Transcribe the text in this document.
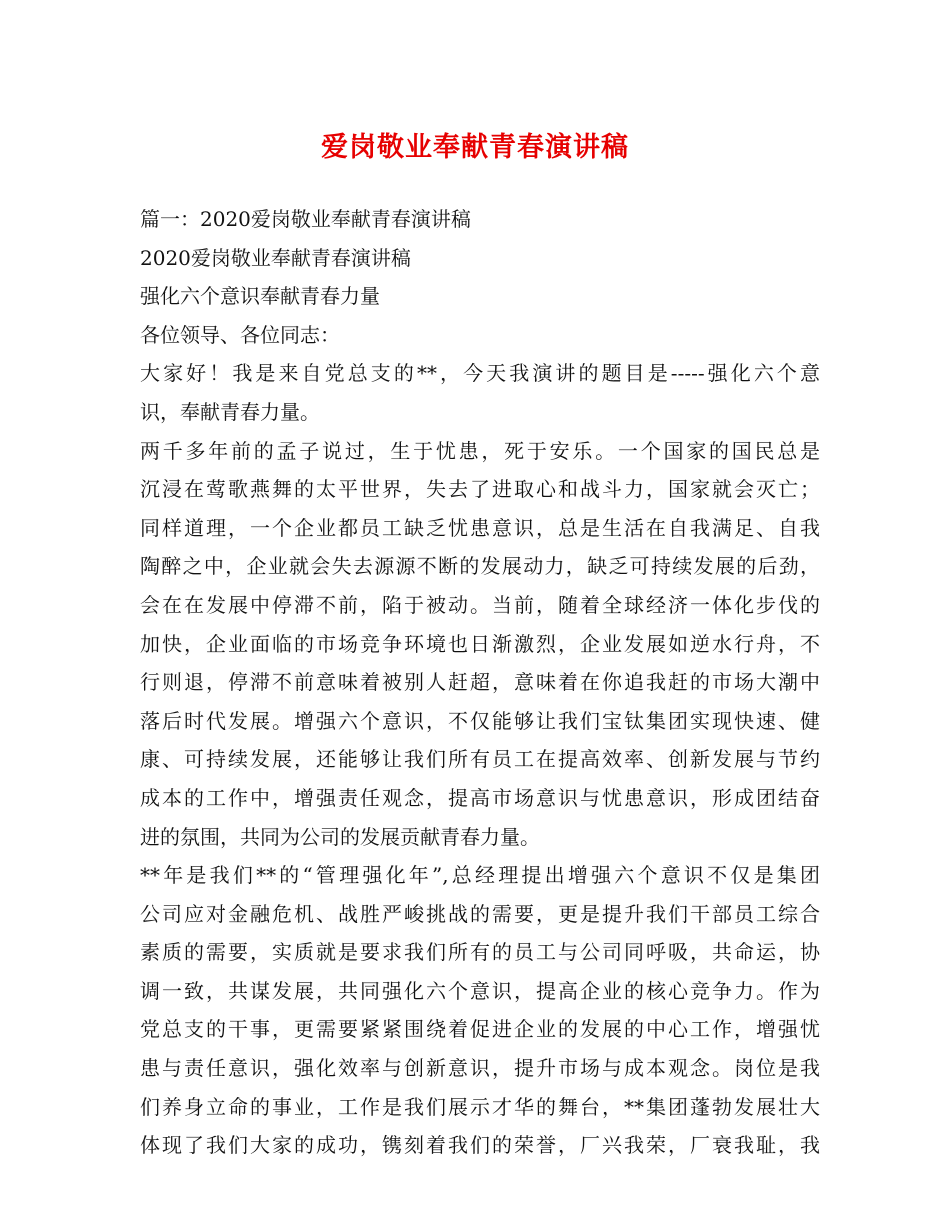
爱岗敬业奉献青春演讲稿
篇一：2020爱岗敬业奉献青春演讲稿
2020爱岗敬业奉献青春演讲稿
强化六个意识奉献青春力量
各位领导、各位同志：
大家好！我是来自党总支的**，今天我演讲的题目是-----强化六个意
识，奉献青春力量。
两千多年前的孟子说过，生于忧患，死于安乐。一个国家的国民总是
沉浸在莺歌燕舞的太平世界，失去了进取心和战斗力，国家就会灭亡；
同样道理，一个企业都员工缺乏忧患意识，总是生活在自我满足、自我
陶醉之中，企业就会失去源源不断的发展动力，缺乏可持续发展的后劲，
会在在发展中停滞不前，陷于被动。当前，随着全球经济一体化步伐的
加快，企业面临的市场竞争环境也日渐激烈，企业发展如逆水行舟，不
行则退，停滞不前意味着被别人赶超，意味着在你追我赶的市场大潮中
落后时代发展。增强六个意识，不仅能够让我们宝钛集团实现快速、健
康、可持续发展，还能够让我们所有员工在提高效率、创新发展与节约
成本的工作中，增强责任观念，提高市场意识与忧患意识，形成团结奋
进的氛围，共同为公司的发展贡献青春力量。
**年是我们**的“管理强化年”,总经理提出增强六个意识不仅是集团
公司应对金融危机、战胜严峻挑战的需要，更是提升我们干部员工综合
素质的需要，实质就是要求我们所有的员工与公司同呼吸，共命运，协
调一致，共谋发展，共同强化六个意识，提高企业的核心竞争力。作为
党总支的干事，更需要紧紧围绕着促进企业的发展的中心工作，增强忧
患与责任意识，强化效率与创新意识，提升市场与成本观念。岗位是我
们养身立命的事业，工作是我们展示才华的舞台，**集团蓬勃发展壮大
体现了我们大家的成功，镌刻着我们的荣誉，厂兴我荣，厂衰我耻，我
